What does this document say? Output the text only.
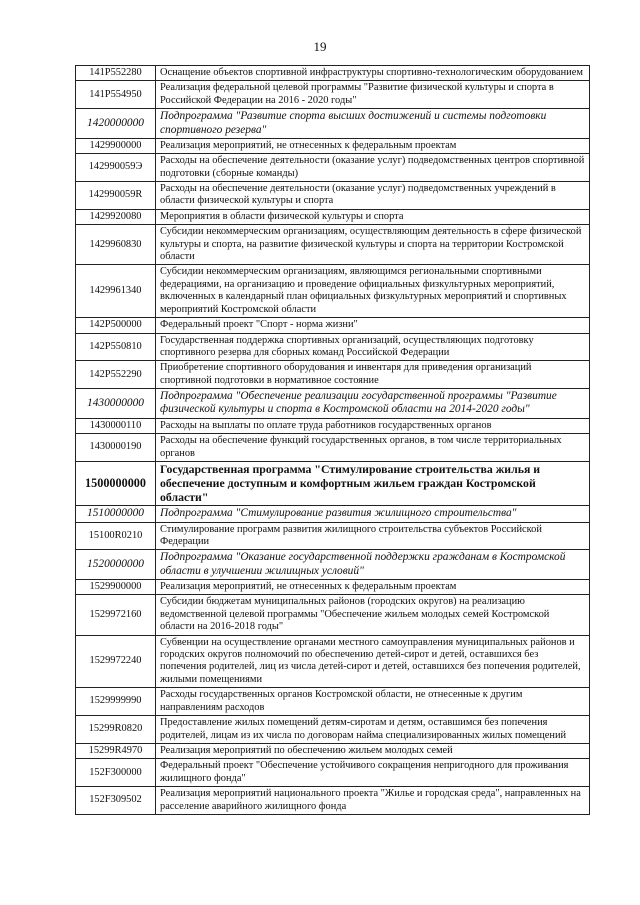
19
141P552280	Оснащение объектов спортивной инфраструктуры спортивно-технологическим оборудованием
141P554950	Реализация федеральной целевой программы "Развитие физической культуры и спорта в Российской Федерации на 2016 - 2020 годы"
1420000000	Подпрограмма "Развитие спорта высших достижений и системы подготовки спортивного резерва"
1429900000	Реализация мероприятий, не отнесенных к федеральным проектам
142990059Э	Расходы на обеспечение деятельности (оказание услуг) подведомственных центров спортивной подготовки (сборные команды)
142990059R	Расходы на обеспечение деятельности (оказание услуг) подведомственных учреждений в области физической культуры и спорта
1429920080	Мероприятия в области физической культуры и спорта
1429960830	Субсидии некоммерческим организациям, осуществляющим деятельность в сфере физической культуры и спорта, на развитие физической культуры и спорта на территории Костромской области
1429961340	Субсидии некоммерческим организациям, являющимся региональными спортивными федерациями, на организацию и проведение официальных физкультурных мероприятий, включенных в календарный план официальных физкультурных мероприятий и спортивных мероприятий Костромской области
142P500000	Федеральный проект "Спорт - норма жизни"
142P550810	Государственная поддержка спортивных организаций, осуществляющих подготовку спортивного резерва для сборных команд Российской Федерации
142P552290	Приобретение спортивного оборудования и инвентаря для приведения организаций спортивной подготовки в нормативное состояние
1430000000	Подпрограмма "Обеспечение реализации государственной программы "Развитие физической культуры и спорта в Костромской области на 2014-2020 годы"
1430000110	Расходы на выплаты по оплате труда работников государственных органов
1430000190	Расходы на обеспечение функций государственных органов, в том числе территориальных органов
1500000000	Государственная программа "Стимулирование строительства жилья и обеспечение доступным и комфортным жильем граждан Костромской области"
1510000000	Подпрограмма "Стимулирование развития жилищного строительства"
15100R0210	Стимулирование программ развития жилищного строительства субъектов Российской Федерации
1520000000	Подпрограмма "Оказание государственной поддержки гражданам в Костромской области в улучшении жилищных условий"
1529900000	Реализация мероприятий, не отнесенных к федеральным проектам
1529972160	Субсидии бюджетам муниципальных районов (городских округов) на реализацию ведомственной целевой программы "Обеспечение жильем молодых семей Костромской области на 2016-2018 годы"
1529972240	Субвенции на осуществление органами местного самоуправления муниципальных районов и городских округов полномочий по обеспечению детей-сирот и детей, оставшихся без попечения родителей, лиц из числа детей-сирот и детей, оставшихся без попечения родителей, жилыми помещениями
1529999990	Расходы государственных органов Костромской области, не отнесенные к другим направлениям расходов
15299R0820	Предоставление жилых помещений детям-сиротам и детям, оставшимся без попечения родителей, лицам из их числа по договорам найма специализированных жилых помещений
15299R4970	Реализация мероприятий по обеспечению жильем молодых семей
152F300000	Федеральный проект "Обеспечение устойчивого сокращения непригодного для проживания жилищного фонда"
152F309502	Реализация мероприятий национального проекта "Жилье и городская среда", направленных на расселение аварийного жилищного фонда
